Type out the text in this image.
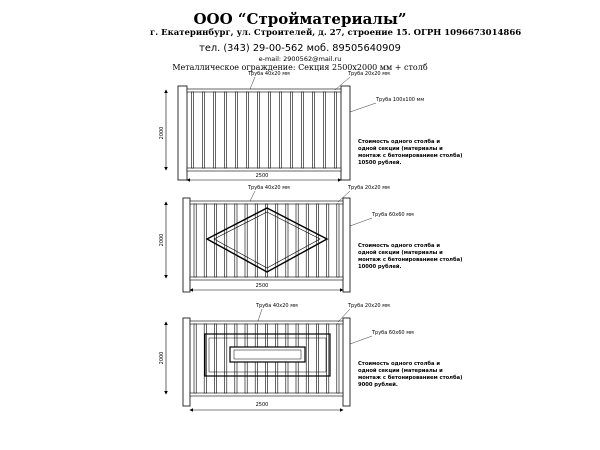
ООО “Стройматериалы”
г. Екатеринбург, ул. Строителей, д. 27, строение 15. ОГРН 1096673014866
тел. (343) 29-00-562 моб. 89505640909
e-mail: 2900562@mail.ru
Металлическое ограждение: Секция 2500x2000 мм + столб
2000
2500
Труба 40x20 мм	Труба 20x20 мм
Труба 100x100 мм
Стоимость одного столба и одной секции (материалы и монтаж с бетонированием столба) 10500 рублей.
2000
2500
Труба 40x20 мм	Труба 20x20 мм
Труба 60x60 мм
Стоимость одного столба и одной секции (материалы и монтаж с бетонированием столба) 10000 рублей.
2000
2500
Труба 40x20 мм	Труба 20x20 мм
Труба 60x60 мм
Стоимость одного столба и одной секции (материалы и монтаж с бетонированием столба) 9000 рублей.
